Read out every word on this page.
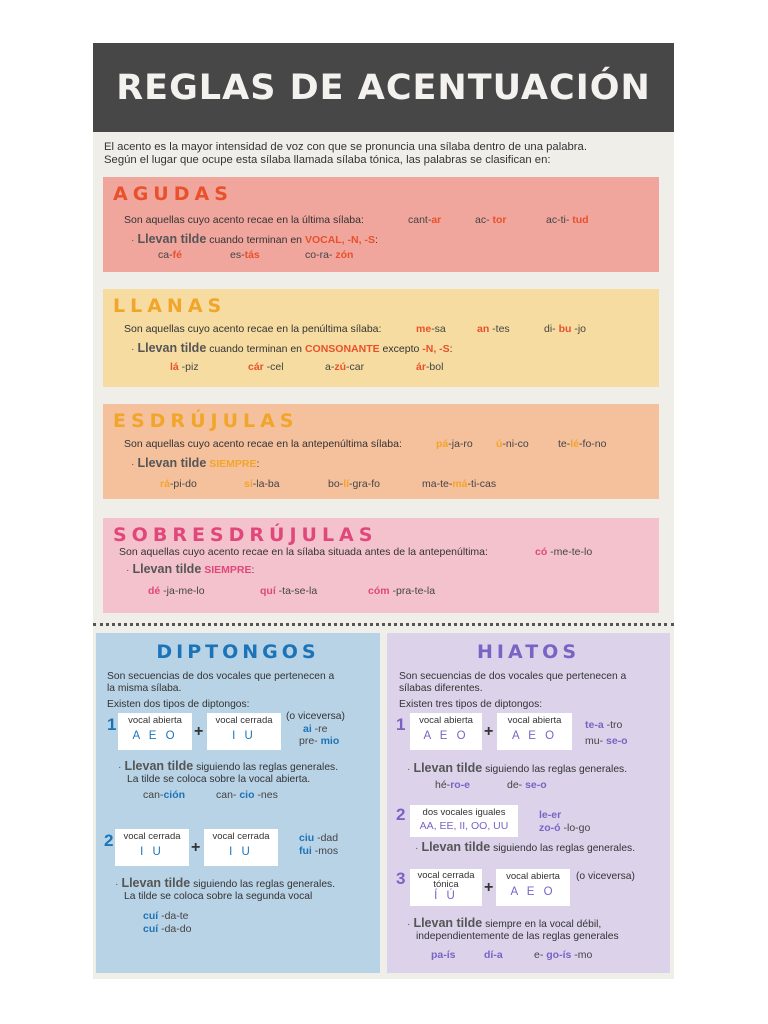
REGLAS DE ACENTUACIÓN
El acento es la mayor intensidad de voz con que se pronuncia una sílaba dentro de una palabra.
Según el lugar que ocupe esta sílaba llamada sílaba tónica, las palabras se clasifican en:
AGUDAS
Son aquellas cuyo acento recae en la última sílaba:	cant-ar	ac- tor	ac-ti- tud
· Llevan tilde cuando terminan en VOCAL, -N, -S:
ca-fé	es-tás	co-ra- zón
LLANAS
Son aquellas cuyo acento recae en la penúltima sílaba:	me-sa	an -tes	di- bu -jo
· Llevan tilde cuando terminan en CONSONANTE excepto -N, -S:
lá -piz	cár -cel	a-zú-car	ár-bol
ESDRÚJULAS
Son aquellas cuyo acento recae en la antepenúltima sílaba:	pá-ja-ro ú-ni-co	te-lé-fo-no
· Llevan tilde SIEMPRE:
rá-pi-do	sí-la-ba	bo-lí-gra-fo	ma-te-má-ti-cas
SOBRESDRÚJULAS
Son aquellas cuyo acento recae en la sílaba situada antes de la antepenúltima:	có -me-te-lo
· Llevan tilde SIEMPRE:
dé -ja-me-lo	quí -ta-se-la	cóm -pra-te-la
DIPTONGOS
Son secuencias de dos vocales que pertenecen a
la misma sílaba.
Existen dos tipos de diptongos:
1	vocal abierta
A E O	+
vocal cerrada
I U
(o viceversa)
ai -re
pre- mio
· Llevan tilde siguiendo las reglas generales.
La tilde se coloca sobre la vocal abierta.
can-ción	can- cio -nes
2	vocal cerrada
I U	+
vocal cerrada
I U
ciu -dad
fui -mos
· Llevan tilde siguiendo las reglas generales.
La tilde se coloca sobre la segunda vocal
cuí -da-te
cuí -da-do
HIATOS
Son secuencias de dos vocales que pertenecen a
sílabas diferentes.
Existen tres tipos de diptongos:
1	vocal abierta
A E O +
vocal abierta
A E O
te-a -tro
mu- se-o
· Llevan tilde siguiendo las reglas generales.
hé-ro-e	de- se-o
2	dos vocales iguales
AA, EE, II, OO, UU
le-er
zo-ó -lo-go
· Llevan tilde siguiendo las reglas generales.
3	vocal cerrada
tónica
Í Ú	+
vocal abierta
A E O
(o viceversa)
· Llevan tilde siempre en la vocal débil,
independientemente de las reglas generales
pa-ís	dí-a	e- go-ís -mo
